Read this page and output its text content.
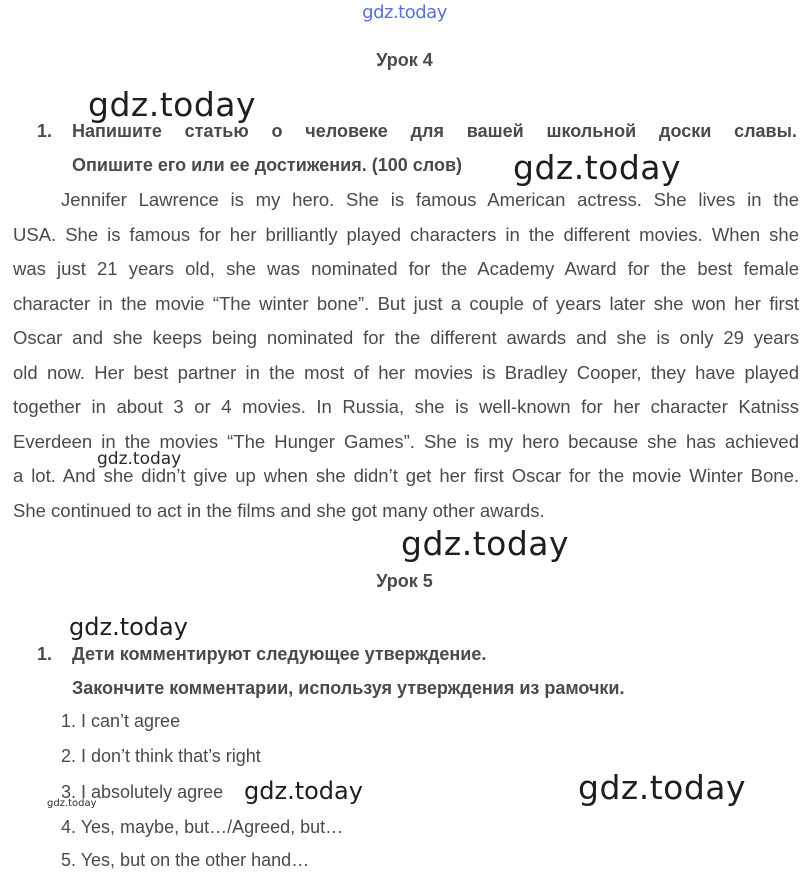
gdz.today
Урок 4
gdz.today
1. Напишите статью о человеке для вашей школьной доски славы.
Опишите его или ее достижения. (100 слов) gdz.today
Jennifer Lawrence is my hero. She is famous American actress. She lives in the
USA. She is famous for her brilliantly played characters in the different movies. When she
was just 21 years old, she was nominated for the Academy Award for the best female
character in the movie “The winter bone”. But just a couple of years later she won her first
Oscar and she keeps being nominated for the different awards and she is only 29 years
old now. Her best partner in the most of her movies is Bradley Cooper, they have played
together in about 3 or 4 movies. In Russia, she is well-known for her character Katniss
Everdeen in the movies “The Hunger Games”. She is my hero because she has achieved
a lot. And she didn’t give up when she didn’t get her first Oscar for the movie Winter Bone.
She continued to act in the films and she got many other awards.
gdz.today
gdz.today
Урок 5
gdz.today
1. Дети комментируют следующее утверждение.
Закончите комментарии, используя утверждения из рамочки.
1. I can’t agree
2. I don’t think that’s right
3. I absolutely agree
4. Yes, maybe, but…/Agreed, but…
5. Yes, but on the other hand…
gdz.today
gdz.today	gdz.today
